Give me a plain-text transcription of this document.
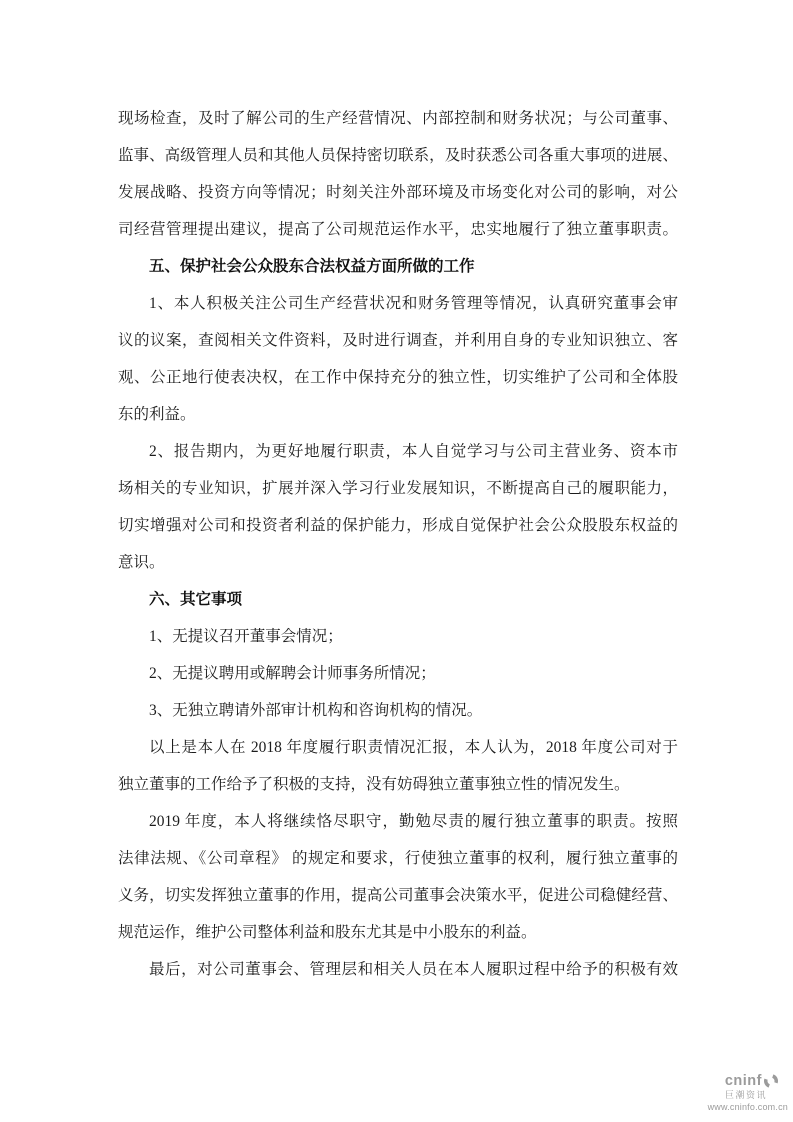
现场检查，及时了解公司的生产经营情况、内部控制和财务状况；与公司董事、
监事、高级管理人员和其他人员保持密切联系，及时获悉公司各重大事项的进展、
发展战略、投资方向等情况；时刻关注外部环境及市场变化对公司的影响，对公
司经营管理提出建议，提高了公司规范运作水平，忠实地履行了独立董事职责。
五、保护社会公众股东合法权益方面所做的工作
1、本人积极关注公司生产经营状况和财务管理等情况，认真研究董事会审
议的议案，查阅相关文件资料，及时进行调查，并利用自身的专业知识独立、客
观、公正地行使表决权，在工作中保持充分的独立性，切实维护了公司和全体股
东的利益。
2、报告期内，为更好地履行职责，本人自觉学习与公司主营业务、资本市
场相关的专业知识，扩展并深入学习行业发展知识，不断提高自己的履职能力，
切实增强对公司和投资者利益的保护能力，形成自觉保护社会公众股股东权益的
意识。
六、其它事项
1、无提议召开董事会情况；
2、无提议聘用或解聘会计师事务所情况；
3、无独立聘请外部审计机构和咨询机构的情况。
以上是本人在 2018 年度履行职责情况汇报，本人认为，2018 年度公司对于
独立董事的工作给予了积极的支持，没有妨碍独立董事独立性的情况发生。
2019 年度，本人将继续恪尽职守，勤勉尽责的履行独立董事的职责。按照
法律法规、《公司章程》 的规定和要求，行使独立董事的权利，履行独立董事的
义务，切实发挥独立董事的作用，提高公司董事会决策水平，促进公司稳健经营、
规范运作，维护公司整体利益和股东尤其是中小股东的利益。
最后，对公司董事会、管理层和相关人员在本人履职过程中给予的积极有效
cninf
巨潮资讯
www.cninfo.com.cn
